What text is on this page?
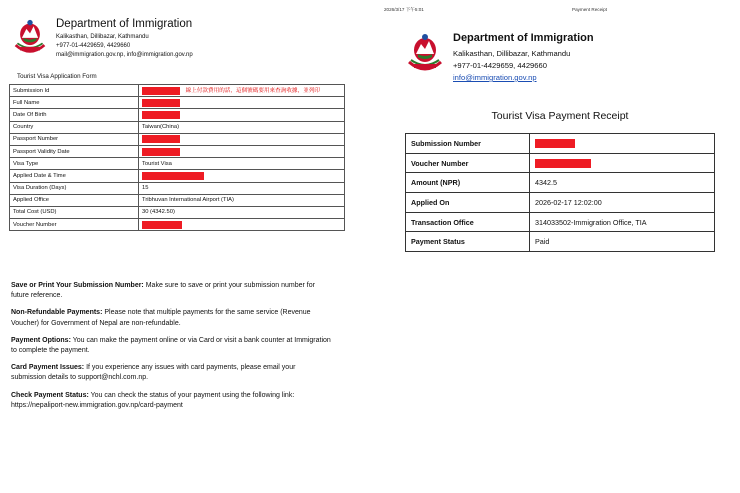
Department of Immigration
Kalikasthan, Dillibazar, Kathmandu
+977-01-4429659, 4429660
mail@immigration.gov.np, info@immigration.gov.np
Tourist Visa Application Form
Submission Id	線上付款費用的話，這個號碼要用來查詢收據，並列印
Full Name	
Date Of Birth	
Country	Taiwan(China)
Passport Number	
Passport Validity Date	
Visa Type	Tourist Visa
Applied Date & Time	
Visa Duration (Days)	15
Applied Office	Tribhuvan International Airport (TIA)
Total Cost (USD)	30 (4342.50)
Voucher Number	

Save or Print Your Submission Number: Make sure to save or print your submission number for future reference.

Non-Refundable Payments: Please note that multiple payments for the same service (Revenue Voucher) for Government of Nepal are non-refundable.

Payment Options: You can make the payment online or via Card or visit a bank counter at Immigration to complete the payment.

Card Payment Issues: If you experience any issues with card payments, please email your submission details to support@nchl.com.np.

Check Payment Status: You can check the status of your payment using the following link: https://nepaliport-new.immigration.gov.np/card-payment

2026/3/17 下午5:01	Payment Receipt
Department of Immigration
Kalikasthan, Dillibazar, Kathmandu
+977-01-4429659, 4429660
info@immigration.gov.np
Tourist Visa Payment Receipt
Submission Number	
Voucher Number	
Amount (NPR)	4342.5
Applied On	2026-02-17 12:02:00
Transaction Office	314033502-Immigration Office, TIA
Payment Status	Paid
